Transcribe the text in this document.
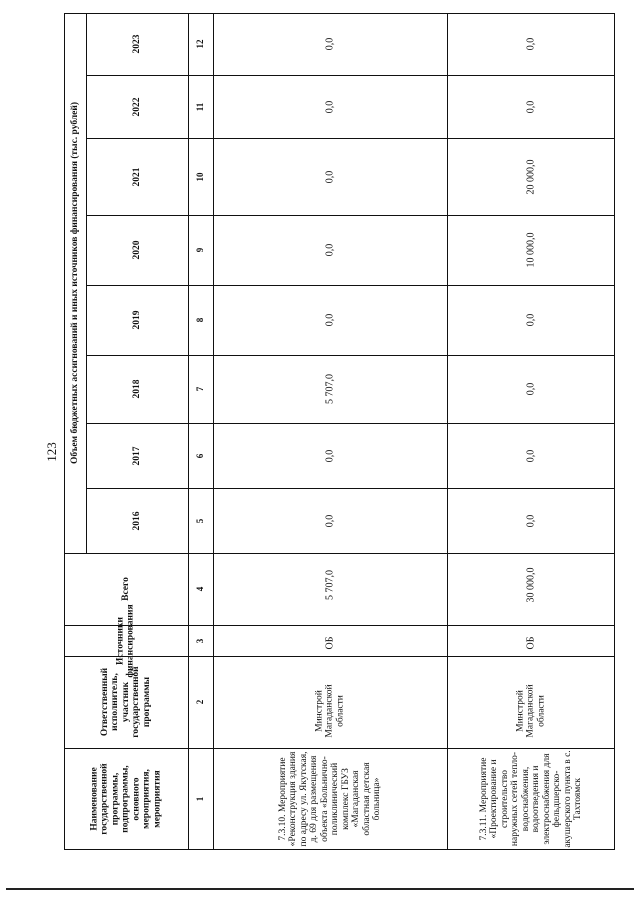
123 Объем бюджетных ассигнований и иных источников финансирования (тыс. рублей)
Наименование государственной программы, подпрограммы, основного мероприятия, мероприятия
Ответственный исполнитель, участник государственной программы
Источники финансирования
Всего
2016
2017
2018
2019
2020
2021
2022
2023
1
2
3
4
5
6
7
8
9
10
11
12
7.3.10. Мероприятие «Реконструкция здания по адресу ул. Якутская, д. 69 для размещения объекта «Больнично-поликлинический комплекс ГБУЗ «Магаданская областная детская больница»
Минстрой Магаданской области
ОБ
5 707,0
0,0
0,0
5 707,0
0,0
0,0
0,0
0,0
0,0
7.3.11. Мероприятие «Проектирование и строительство наружных сетей тепло-водоснабжения, водоотведения и электроснабжения для фельдшерско-акушерского пункта в с. Тахтоямск
Минстрой Магаданской области
ОБ
30 000,0
0,0
0,0
0,0
0,0
10 000,0
20 000,0
0,0
0,0
